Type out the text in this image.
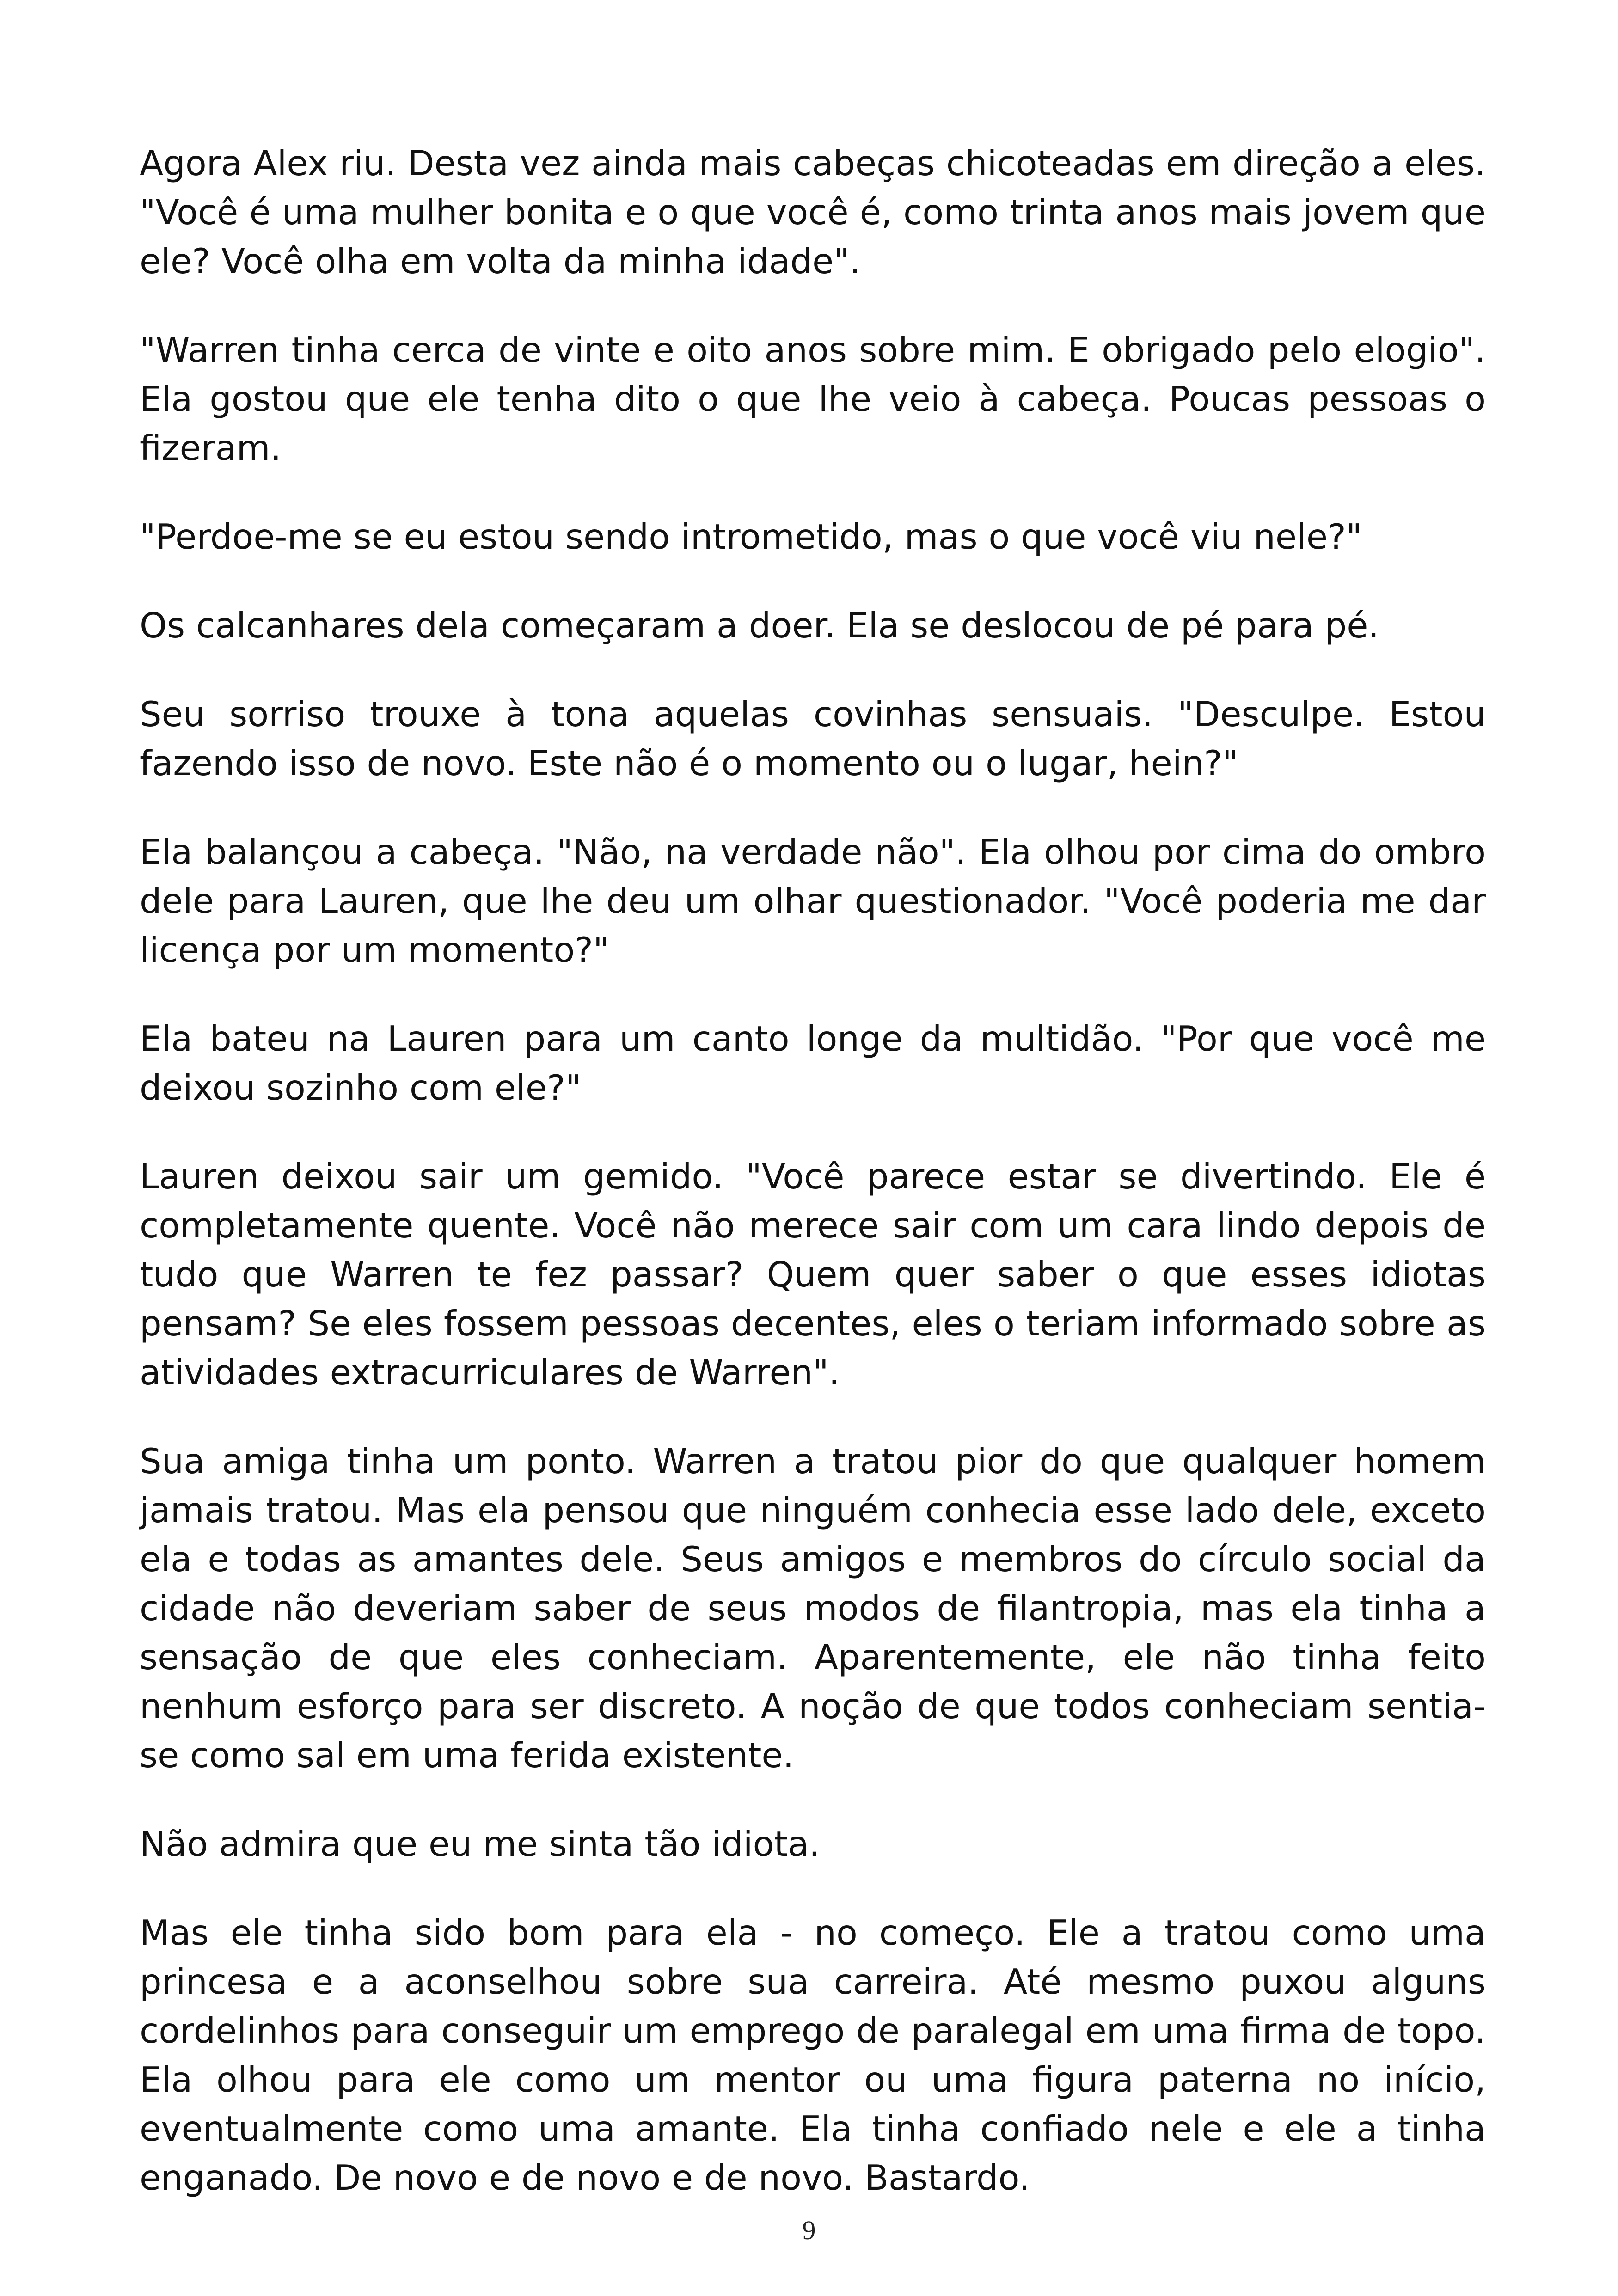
Agora Alex riu. Desta vez ainda mais cabeças chicoteadas em direção a eles. "Você é uma mulher bonita e o que você é, como trinta anos mais jovem que ele? Você olha em volta da minha idade".

"Warren tinha cerca de vinte e oito anos sobre mim. E obrigado pelo elogio". Ela gostou que ele tenha dito o que lhe veio à cabeça. Poucas pessoas o fizeram.

"Perdoe-me se eu estou sendo intrometido, mas o que você viu nele?"

Os calcanhares dela começaram a doer. Ela se deslocou de pé para pé.

Seu sorriso trouxe à tona aquelas covinhas sensuais. "Desculpe. Estou fazendo isso de novo. Este não é o momento ou o lugar, hein?"

Ela balançou a cabeça. "Não, na verdade não". Ela olhou por cima do ombro dele para Lauren, que lhe deu um olhar questionador. "Você poderia me dar licença por um momento?"

Ela bateu na Lauren para um canto longe da multidão. "Por que você me deixou sozinho com ele?"

Lauren deixou sair um gemido. "Você parece estar se divertindo. Ele é completamente quente. Você não merece sair com um cara lindo depois de tudo que Warren te fez passar? Quem quer saber o que esses idiotas pensam? Se eles fossem pessoas decentes, eles o teriam informado sobre as atividades extracurriculares de Warren".

Sua amiga tinha um ponto. Warren a tratou pior do que qualquer homem jamais tratou. Mas ela pensou que ninguém conhecia esse lado dele, exceto ela e todas as amantes dele. Seus amigos e membros do círculo social da cidade não deveriam saber de seus modos de filantropia, mas ela tinha a sensação de que eles conheciam. Aparentemente, ele não tinha feito nenhum esforço para ser discreto. A noção de que todos conheciam sentia-se como sal em uma ferida existente.

Não admira que eu me sinta tão idiota.

Mas ele tinha sido bom para ela - no começo. Ele a tratou como uma princesa e a aconselhou sobre sua carreira. Até mesmo puxou alguns cordelinhos para conseguir um emprego de paralegal em uma firma de topo. Ela olhou para ele como um mentor ou uma figura paterna no início, eventualmente como uma amante. Ela tinha confiado nele e ele a tinha enganado. De novo e de novo e de novo. Bastardo.

9
